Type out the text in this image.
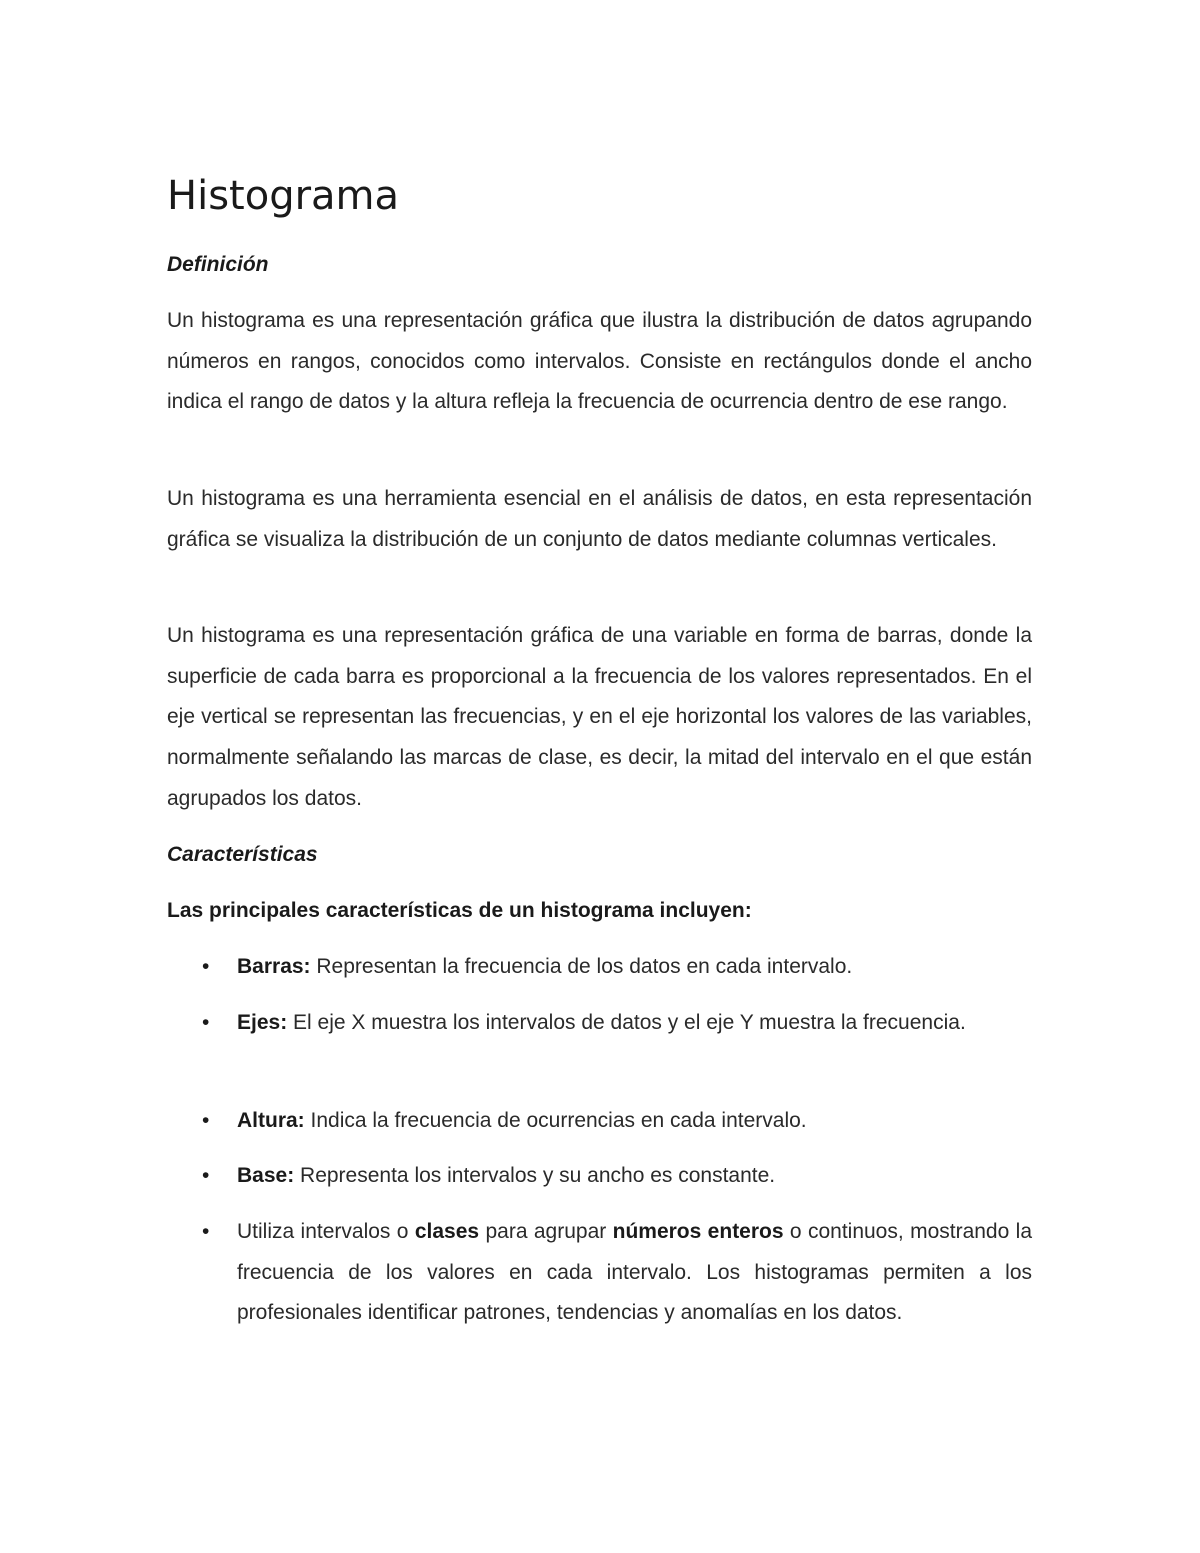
Histograma
Definición

Un histograma es una representación gráfica que ilustra la distribución de datos agrupando números en rangos, conocidos como intervalos. Consiste en rectángulos donde el ancho indica el rango de datos y la altura refleja la frecuencia de ocurrencia dentro de ese rango.

Un histograma es una herramienta esencial en el análisis de datos, en esta representación gráfica se visualiza la distribución de un conjunto de datos mediante columnas verticales.

Un histograma es una representación gráfica de una variable en forma de barras, donde la superficie de cada barra es proporcional a la frecuencia de los valores representados. En el eje vertical se representan las frecuencias, y en el eje horizontal los valores de las variables, normalmente señalando las marcas de clase, es decir, la mitad del intervalo en el que están agrupados los datos.

Características

Las principales características de un histograma incluyen:

• Barras: Representan la frecuencia de los datos en cada intervalo.

• Ejes: El eje X muestra los intervalos de datos y el eje Y muestra la frecuencia.

• Altura: Indica la frecuencia de ocurrencias en cada intervalo.

• Base: Representa los intervalos y su ancho es constante.

• Utiliza intervalos o clases para agrupar números enteros o continuos, mostrando la frecuencia de los valores en cada intervalo. Los histogramas permiten a los profesionales identificar patrones, tendencias y anomalías en los datos.
